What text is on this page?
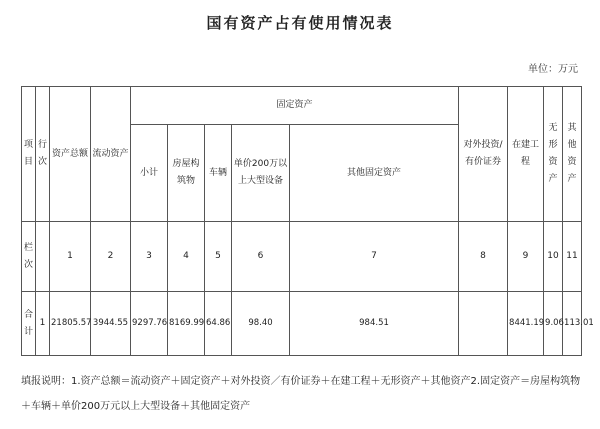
国有资产占有使用情况表
单位：万元
项目	行次	资产总额	流动资产	固定资产					对外投资/有价证券	在建工程	无形资产	其他资产
				小计	房屋构筑物	车辆	单价200万以上大型设备	其他固定资产				
栏次		1	2	3	4	5	6	7	8	9	10	11
合计	1	21805.57	3944.55	9297.76	8169.99	64.86	98.40	984.51		8441.19	9.06	113.01
填报说明：1.资产总额＝流动资产＋固定资产＋对外投资／有价证券＋在建工程＋无形资产＋其他资产2.固定资产＝房屋构筑物＋车辆＋单价200万元以上大型设备＋其他固定资产
